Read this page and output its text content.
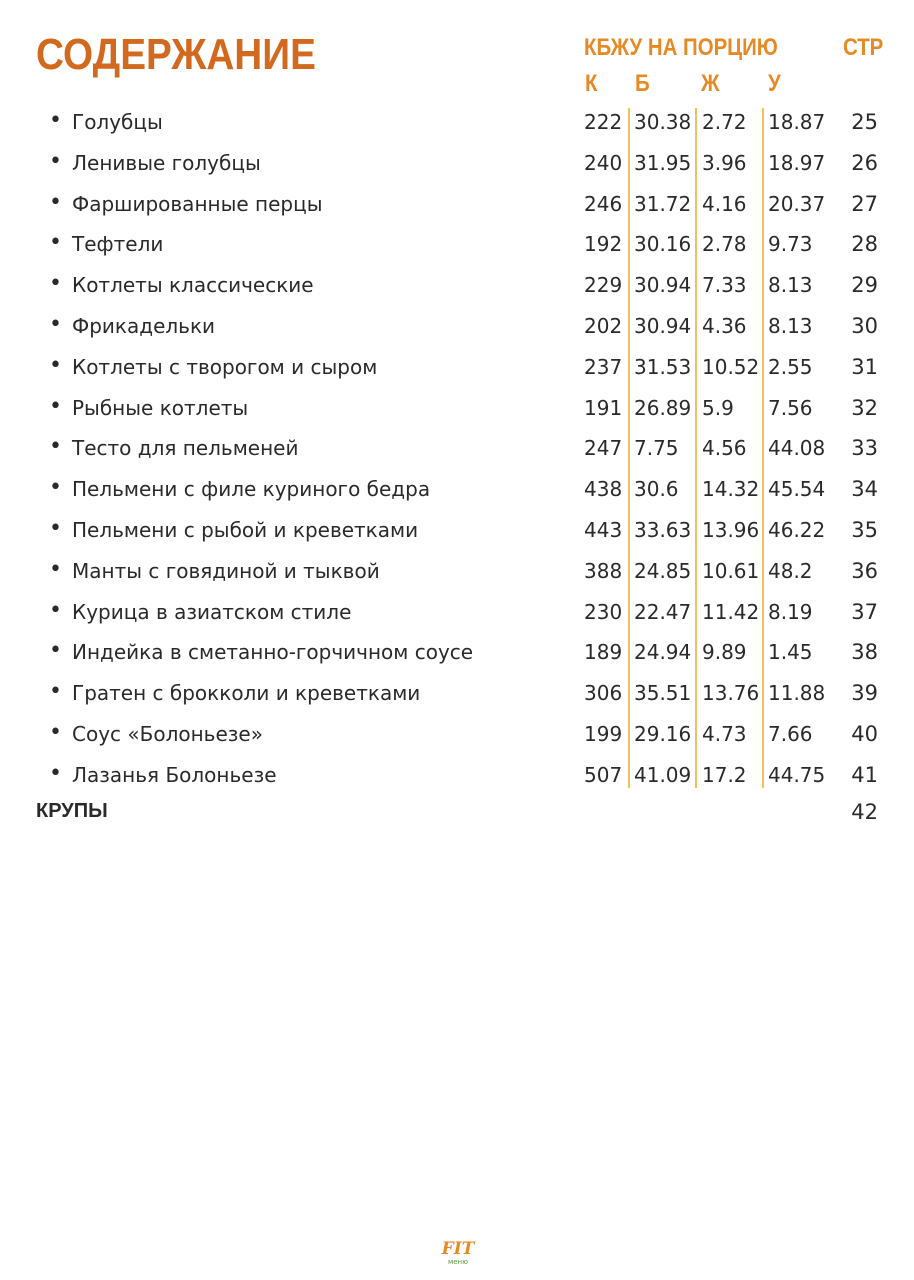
СОДЕРЖАНИЕ	КБЖУ НА ПОРЦИЮ	СТР
К Б Ж У
• Голубцы	222 30.38 2.72 18.87 25
• Ленивые голубцы	240 31.95 3.96 18.97 26
• Фаршированные перцы	246 31.72 4.16 20.37 27
• Тефтели	192 30.16 2.78 9.73 28
• Котлеты классические	229 30.94 7.33 8.13 29
• Фрикадельки	202 30.94 4.36 8.13 30
• Котлеты с творогом и сыром	237 31.53 10.52 2.55 31
• Рыбные котлеты	191 26.89 5.9 7.56 32
• Тесто для пельменей	247 7.75 4.56 44.08 33
• Пельмени с филе куриного бедра	438 30.6 14.32 45.54 34
• Пельмени с рыбой и креветками	443 33.63 13.96 46.22 35
• Манты с говядиной и тыквой	388 24.85 10.61 48.2 36
• Курица в азиатском стиле	230 22.47 11.42 8.19 37
• Индейка в сметанно-горчичном соусе	189 24.94 9.89 1.45 38
• Гратен с брокколи и креветками	306 35.51 13.76 11.88 39
• Соус «Болоньезе»	199 29.16 4.73 7.66 40
• Лазанья Болоньезе	507 41.09 17.2 44.75 41
КРУПЫ	42
FIT
меню
